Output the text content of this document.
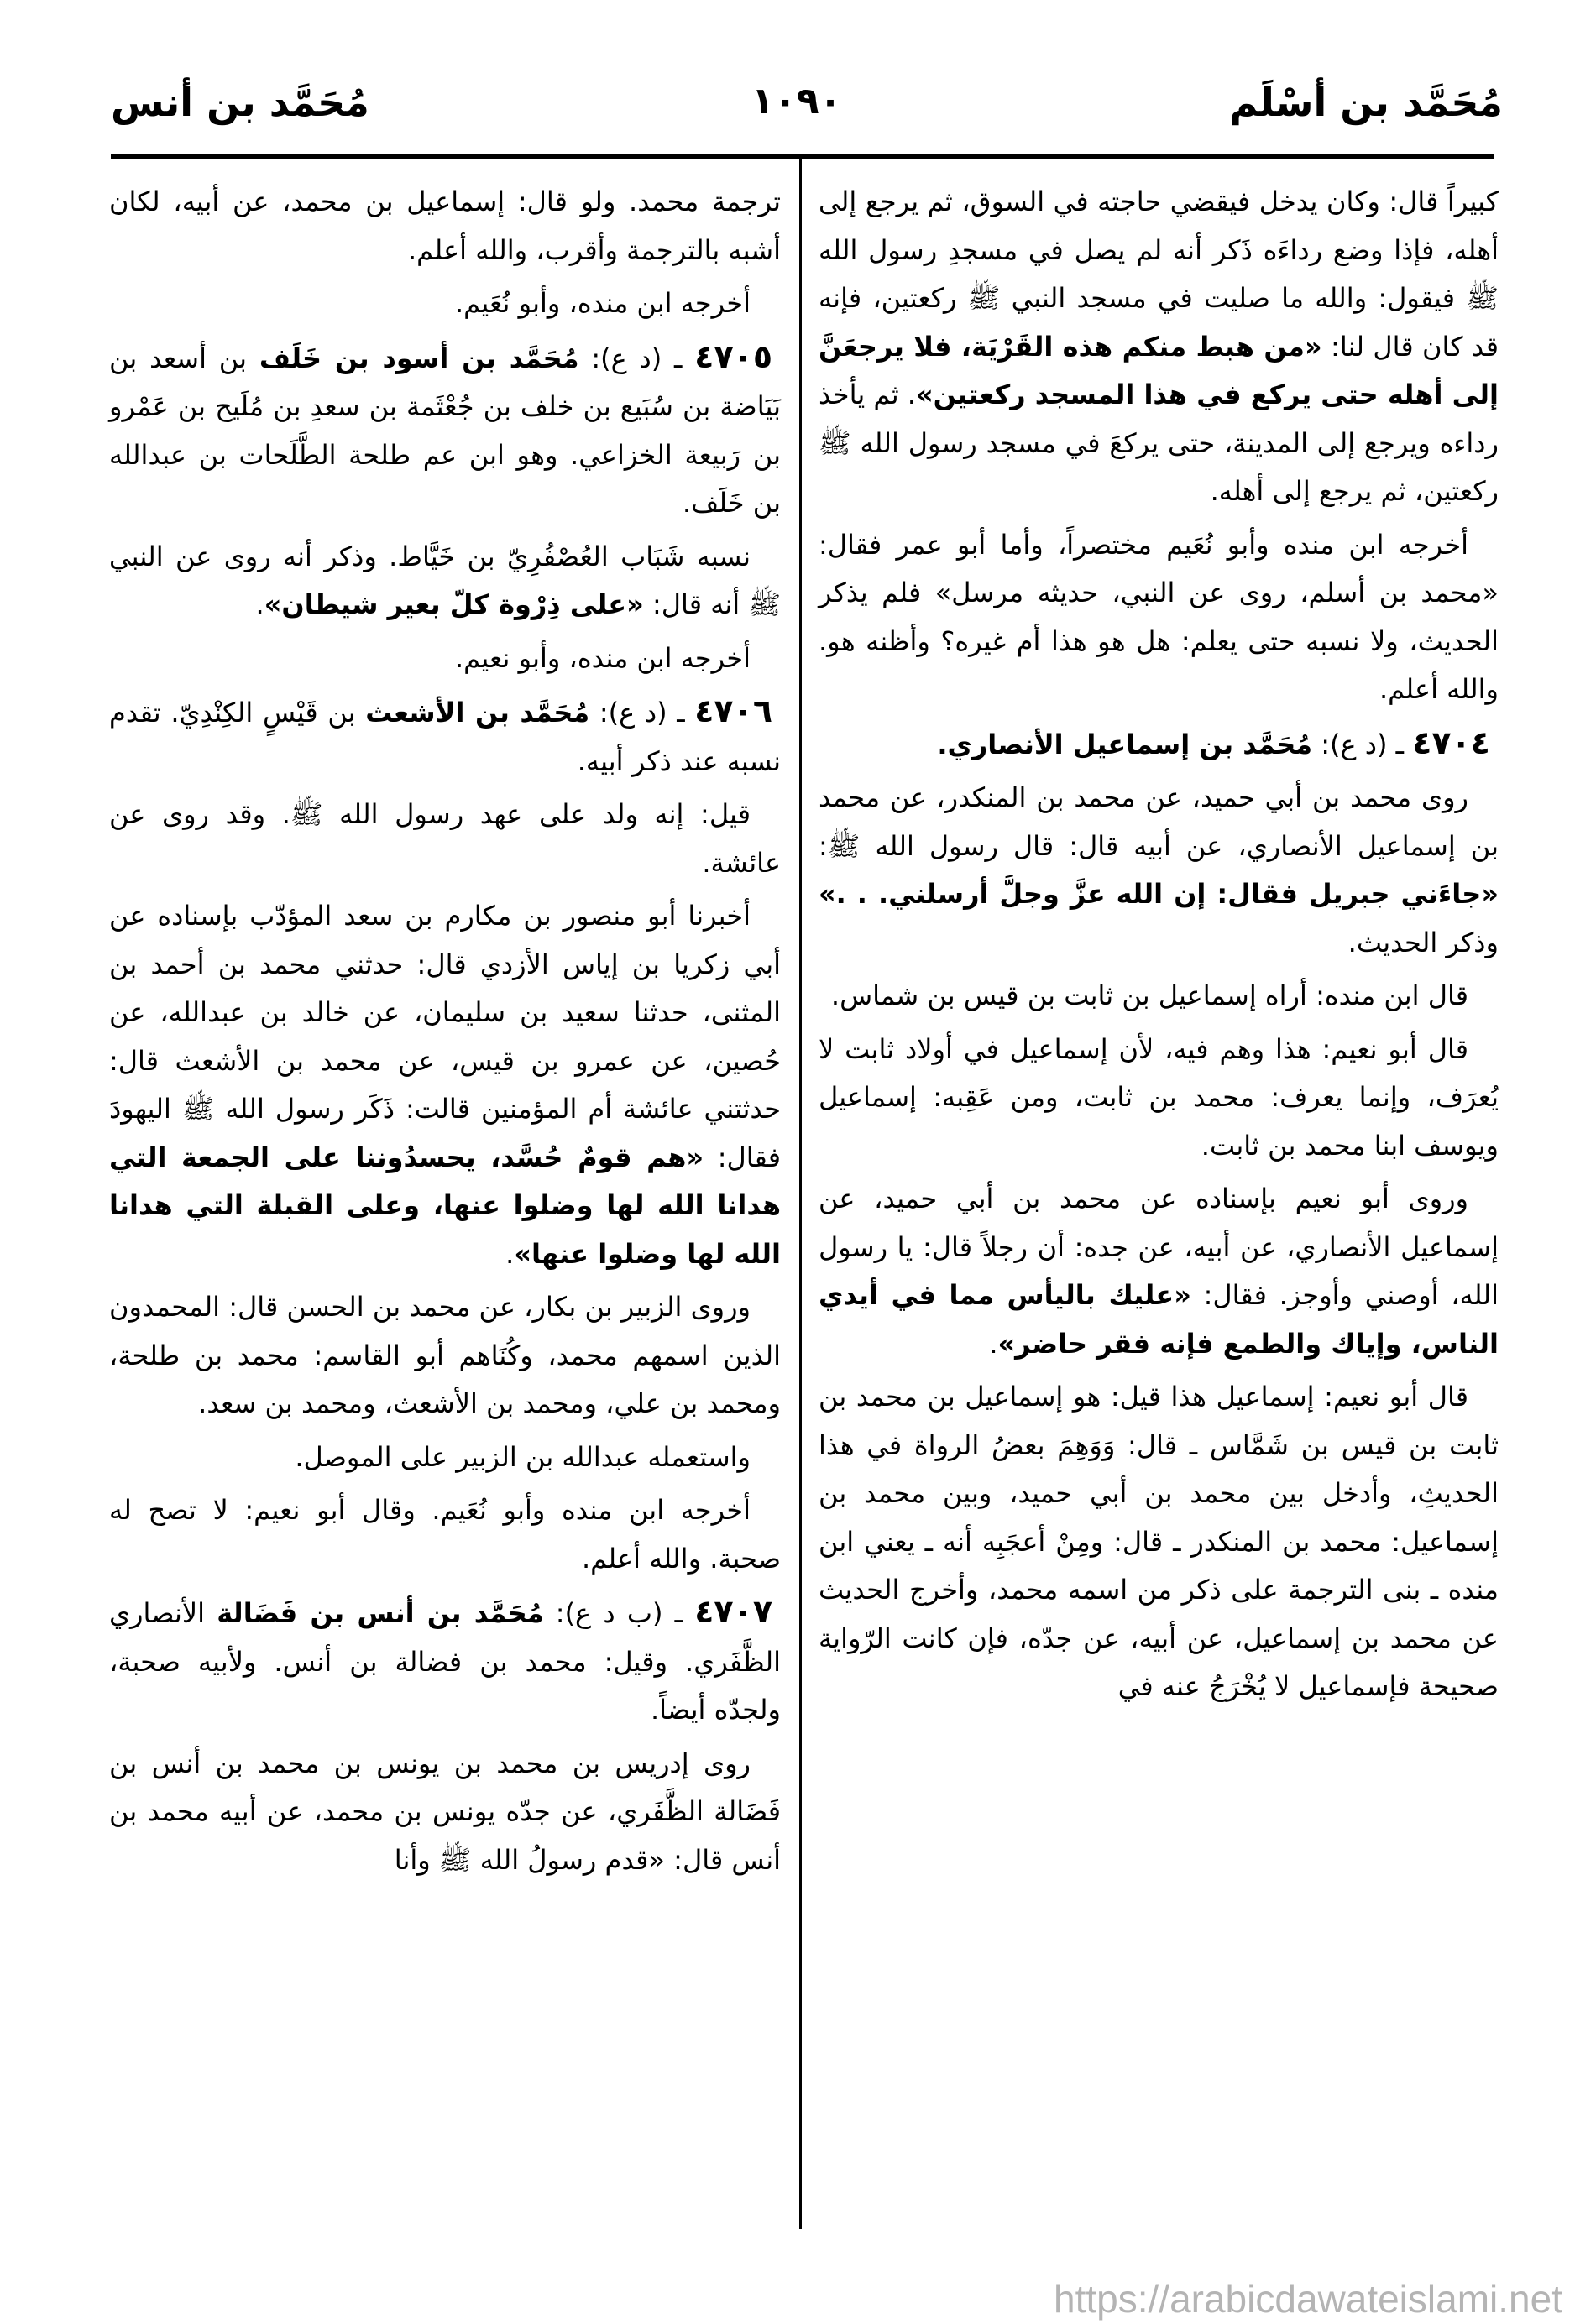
مُحَمَّد بن أسْلَم
١٠٩٠
مُحَمَّد بن أنس

كبيراً قال: وكان يدخل فيقضي حاجته في السوق، ثم يرجع إلى أهله، فإذا وضع رداءَه ذَكر أنه لم يصل في مسجدِ رسول الله ﷺ فيقول: والله ما صليت في مسجد النبي ﷺ ركعتين، فإنه قد كان قال لنا: «من هبط منكم هذه القَرْيَة، فلا يرجعَنَّ إلى أهله حتى يركع في هذا المسجد ركعتين». ثم يأخذ رداءه ويرجع إلى المدينة، حتى يركعَ في مسجد رسول الله ﷺ ركعتين، ثم يرجع إلى أهله.

أخرجه ابن منده وأبو نُعَيم مختصراً، وأما أبو عمر فقال: «محمد بن أسلم، روى عن النبي، حديثه مرسل» فلم يذكر الحديث، ولا نسبه حتى يعلم: هل هو هذا أم غيره؟ وأظنه هو. والله أعلم.

٤٧٠٤ ـ (د ع): مُحَمَّد بن إسماعيل الأنصاري.

روى محمد بن أبي حميد، عن محمد بن المنكدر، عن محمد بن إسماعيل الأنصاري، عن أبيه قال: قال رسول الله ﷺ: «جاءَني جبريل فقال: إن الله عزَّ وجلَّ أرسلني. . .» وذكر الحديث.

قال ابن منده: أراه إسماعيل بن ثابت بن قيس بن شماس.

قال أبو نعيم: هذا وهم فيه، لأن إسماعيل في أولاد ثابت لا يُعرَف، وإنما يعرف: محمد بن ثابت، ومن عَقِبه: إسماعيل ويوسف ابنا محمد بن ثابت.

وروى أبو نعيم بإسناده عن محمد بن أبي حميد، عن إسماعيل الأنصاري، عن أبيه، عن جده: أن رجلاً قال: يا رسول الله، أوصني وأوجز. فقال: «عليك باليأس مما في أيدي الناس، وإياك والطمع فإنه فقر حاضر».

قال أبو نعيم: إسماعيل هذا قيل: هو إسماعيل بن محمد بن ثابت بن قيس بن شَمَّاس ـ قال: وَوَهِمَ بعضُ الرواة في هذا الحديثِ، وأدخل بين محمد بن أبي حميد، وبين محمد بن إسماعيل: محمد بن المنكدر ـ قال: ومِنْ أعجَبِه أنه ـ يعني ابن منده ـ بنى الترجمة على ذكر من اسمه محمد، وأخرج الحديث عن محمد بن إسماعيل، عن أبيه، عن جدّه، فإن كانت الرّواية صحيحة فإسماعيل لا يُخْرَجُ عنه في

ترجمة محمد. ولو قال: إسماعيل بن محمد، عن أبيه، لكان أشبه بالترجمة وأقرب، والله أعلم.

أخرجه ابن منده، وأبو نُعَيم.

٤٧٠٥ ـ (د ع): مُحَمَّد بن أسود بن خَلَف بن أسعد بن بَيَاضة بن سُبَيع بن خلف بن جُعْثَمة بن سعدِ بن مُلَيح بن عَمْرو بن رَبيعة الخزاعي. وهو ابن عم طلحة الطَّلَحات بن عبدالله بن خَلَف.

نسبه شَبَاب العُصْفُرِيّ بن خَيَّاط. وذكر أنه روى عن النبي ﷺ أنه قال: «على ذِرْوة كلّ بعير شيطان».

أخرجه ابن منده، وأبو نعيم.

٤٧٠٦ ـ (د ع): مُحَمَّد بن الأشعث بن قَيْسٍ الكِنْدِيّ. تقدم نسبه عند ذكر أبيه.

قيل: إنه ولد على عهد رسول الله ﷺ. وقد روى عن عائشة.

أخبرنا أبو منصور بن مكارم بن سعد المؤدّب بإسناده عن أبي زكريا بن إياس الأزدي قال: حدثني محمد بن أحمد بن المثنى، حدثنا سعيد بن سليمان، عن خالد بن عبدالله، عن حُصين، عن عمرو بن قيس، عن محمد بن الأشعث قال: حدثتني عائشة أم المؤمنين قالت: ذَكَر رسول الله ﷺ اليهودَ فقال: «هم قومٌ حُسَّد، يحسدُوننا على الجمعة التي هدانا الله لها وضلوا عنها، وعلى القبلة التي هدانا الله لها وضلوا عنها».

وروى الزبير بن بكار، عن محمد بن الحسن قال: المحمدون الذين اسمهم محمد، وكُنَاهم أبو القاسم: محمد بن طلحة، ومحمد بن علي، ومحمد بن الأشعث، ومحمد بن سعد.

واستعمله عبدالله بن الزبير على الموصل.

أخرجه ابن منده وأبو نُعَيم. وقال أبو نعيم: لا تصح له صحبة. والله أعلم.

٤٧٠٧ ـ (ب د ع): مُحَمَّد بن أنس بن فَضَالة الأنصاري الظَّفَري. وقيل: محمد بن فضالة بن أنس. ولأبيه صحبة، ولجدّه أيضاً.

روى إدريس بن محمد بن يونس بن محمد بن أنس بن فَضَالة الظَّفَري، عن جدّه يونس بن محمد، عن أبيه محمد بن أنس قال: «قدم رسولُ الله ﷺ وأنا

https://arabicdawateislami.net
